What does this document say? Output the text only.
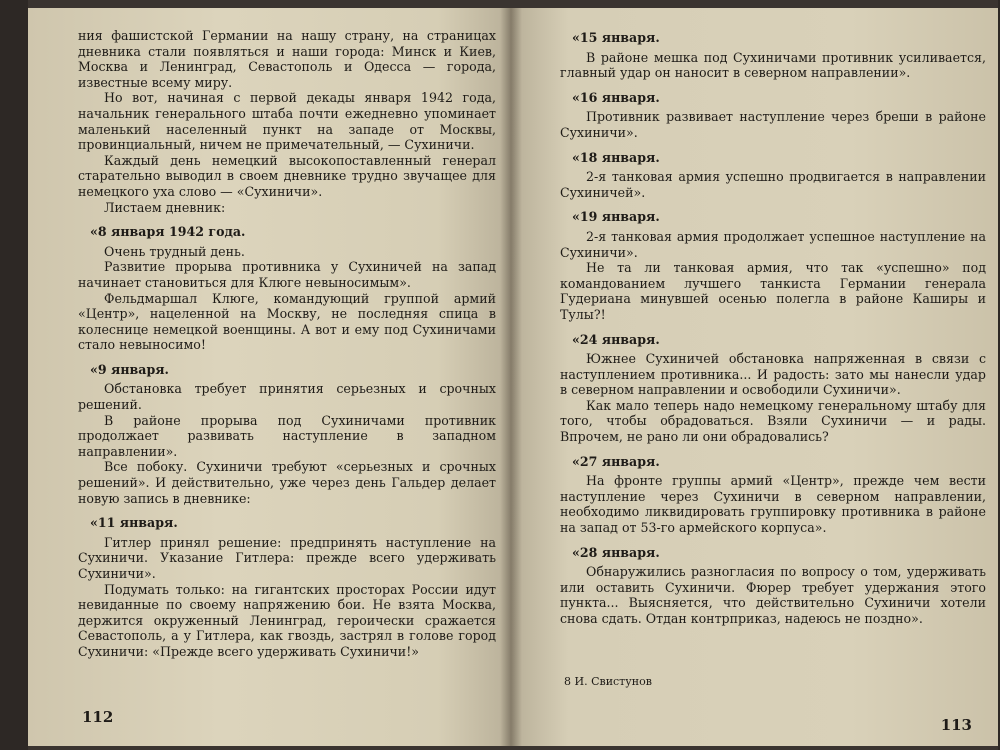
ния фашистской Германии на нашу страну, на страницах дневника стали появляться и наши города: Минск и Киев, Москва и Ленинград, Севастополь и Одесса — города, известные всему миру.

Но вот, начиная с первой декады января 1942 года, начальник генерального штаба почти ежедневно упоминает маленький населенный пункт на западе от Москвы, провинциальный, ничем не примечательный, — Сухиничи.

Каждый день немецкий высокопоставленный генерал старательно выводил в своем дневнике трудно звучащее для немецкого уха слово — «Сухиничи».

Листаем дневник:

«8 января 1942 года.

Очень трудный день.

Развитие прорыва противника у Сухиничей на запад начинает становиться для Клюге невыносимым».

Фельдмаршал Клюге, командующий группой армий «Центр», нацеленной на Москву, не последняя спица в колеснице немецкой военщины. А вот и ему под Сухиничами стало невыносимо!

«9 января.

Обстановка требует принятия серьезных и срочных решений.

В районе прорыва под Сухиничами противник продолжает развивать наступление в западном направлении».

Все побоку. Сухиничи требуют «серьезных и срочных решений». И действительно, уже через день Гальдер делает новую запись в дневнике:

«11 января.

Гитлер принял решение: предпринять наступление на Сухиничи. Указание Гитлера: прежде всего удерживать Сухиничи».

Подумать только: на гигантских просторах России идут невиданные по своему напряжению бои. Не взята Москва, держится окруженный Ленинград, героически сражается Севастополь, а у Гитлера, как гвоздь, застрял в голове город Сухиничи: «Прежде всего удерживать Сухиничи!»

112

«15 января.

В районе мешка под Сухиничами противник усиливается, главный удар он наносит в северном направлении».

«16 января.

Противник развивает наступление через бреши в районе Сухиничи».

«18 января.

2-я танковая армия успешно продвигается в направлении Сухиничей».

«19 января.

2-я танковая армия продолжает успешное наступление на Сухиничи».

Не та ли танковая армия, что так «успешно» под командованием лучшего танкиста Германии генерала Гудериана минувшей осенью полегла в районе Каширы и Тулы?!

«24 января.

Южнее Сухиничей обстановка напряженная в связи с наступлением противника... И радость: зато мы нанесли удар в северном направлении и освободили Сухиничи».

Как мало теперь надо немецкому генеральному штабу для того, чтобы обрадоваться. Взяли Сухиничи — и рады. Впрочем, не рано ли они обрадовались?

«27 января.

На фронте группы армий «Центр», прежде чем вести наступление через Сухиничи в северном направлении, необходимо ликвидировать группировку противника в районе на запад от 53-го армейского корпуса».

«28 января.

Обнаружились разногласия по вопросу о том, удерживать или оставить Сухиничи. Фюрер требует удержания этого пункта... Выясняется, что действительно Сухиничи хотели снова сдать. Отдан контрприказ, надеюсь не поздно».

8 И. Свистунов
113
